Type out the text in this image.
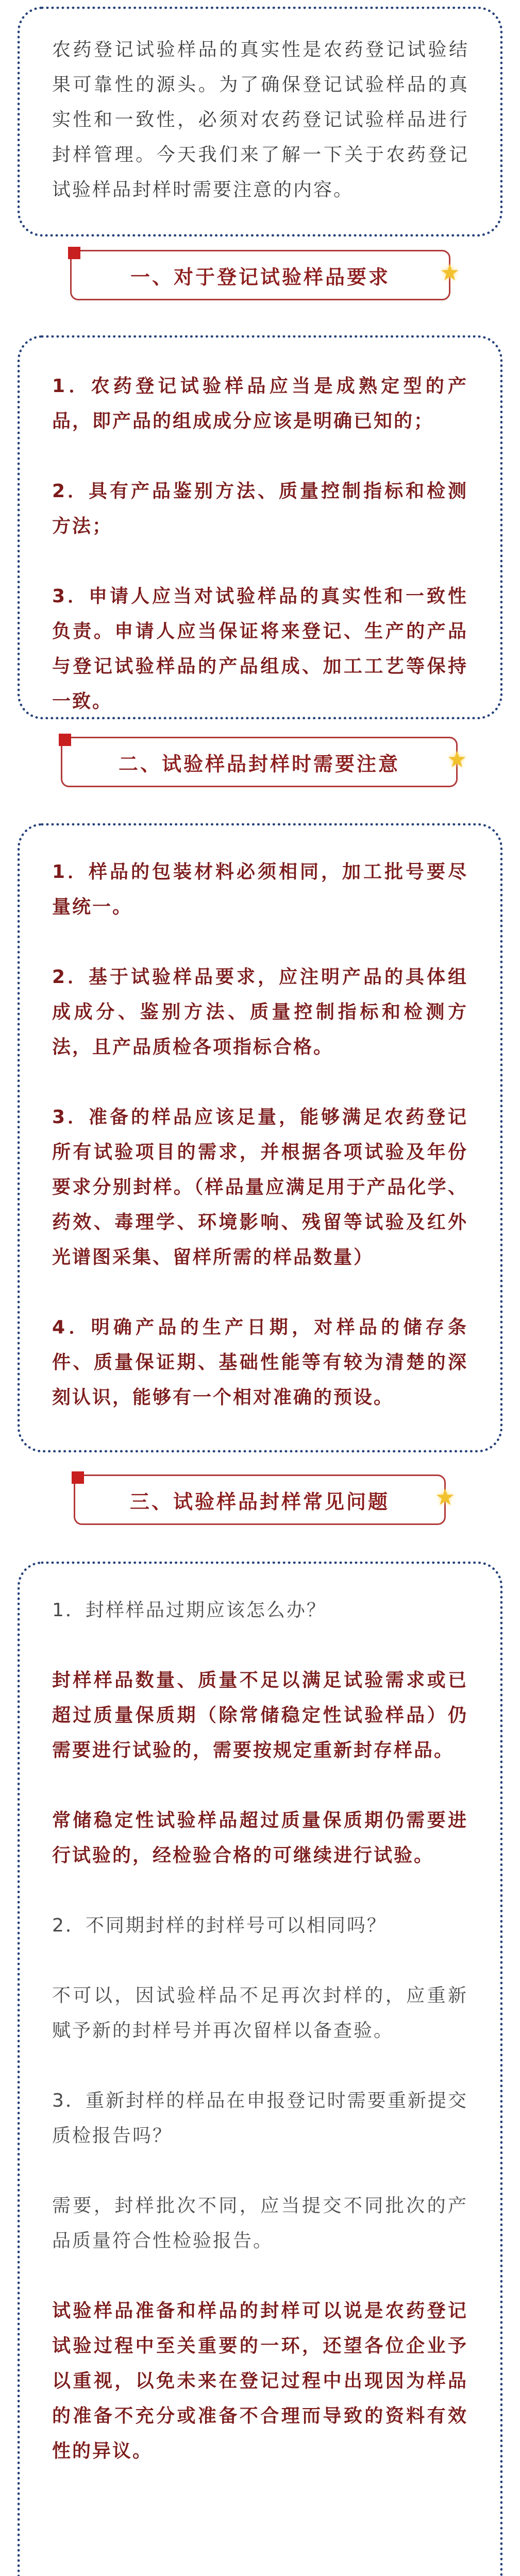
农药登记试验样品的真实性是农药登记试验结果可靠性的源头。为了确保登记试验样品的真实性和一致性，必须对农药登记试验样品进行封样管理。今天我们来了解一下关于农药登记试验样品封样时需要注意的内容。

一、对于登记试验样品要求 ★

1．农药登记试验样品应当是成熟定型的产品，即产品的组成成分应该是明确已知的；

2．具有产品鉴别方法、质量控制指标和检测方法；

3．申请人应当对试验样品的真实性和一致性负责。申请人应当保证将来登记、生产的产品与登记试验样品的产品组成、加工工艺等保持一致。

二、试验样品封样时需要注意 ★

1．样品的包装材料必须相同，加工批号要尽量统一。

2．基于试验样品要求，应注明产品的具体组成成分、鉴别方法、质量控制指标和检测方法，且产品质检各项指标合格。

3．准备的样品应该足量，能够满足农药登记所有试验项目的需求，并根据各项试验及年份要求分别封样。（样品量应满足用于产品化学、药效、毒理学、环境影响、残留等试验及红外光谱图采集、留样所需的样品数量）

4．明确产品的生产日期，对样品的储存条件、质量保证期、基础性能等有较为清楚的深刻认识，能够有一个相对准确的预设。

三、试验样品封样常见问题 ★

1．封样样品过期应该怎么办？

封样样品数量、质量不足以满足试验需求或已超过质量保质期（除常储稳定性试验样品）仍需要进行试验的，需要按规定重新封存样品。

常储稳定性试验样品超过质量保质期仍需要进行试验的，经检验合格的可继续进行试验。

2．不同期封样的封样号可以相同吗？

不可以，因试验样品不足再次封样的，应重新赋予新的封样号并再次留样以备查验。

3．重新封样的样品在申报登记时需要重新提交质检报告吗？

需要，封样批次不同，应当提交不同批次的产品质量符合性检验报告。

试验样品准备和样品的封样可以说是农药登记试验过程中至关重要的一环，还望各位企业予以重视，以免未来在登记过程中出现因为样品的准备不充分或准备不合理而导致的资料有效性的异议。
